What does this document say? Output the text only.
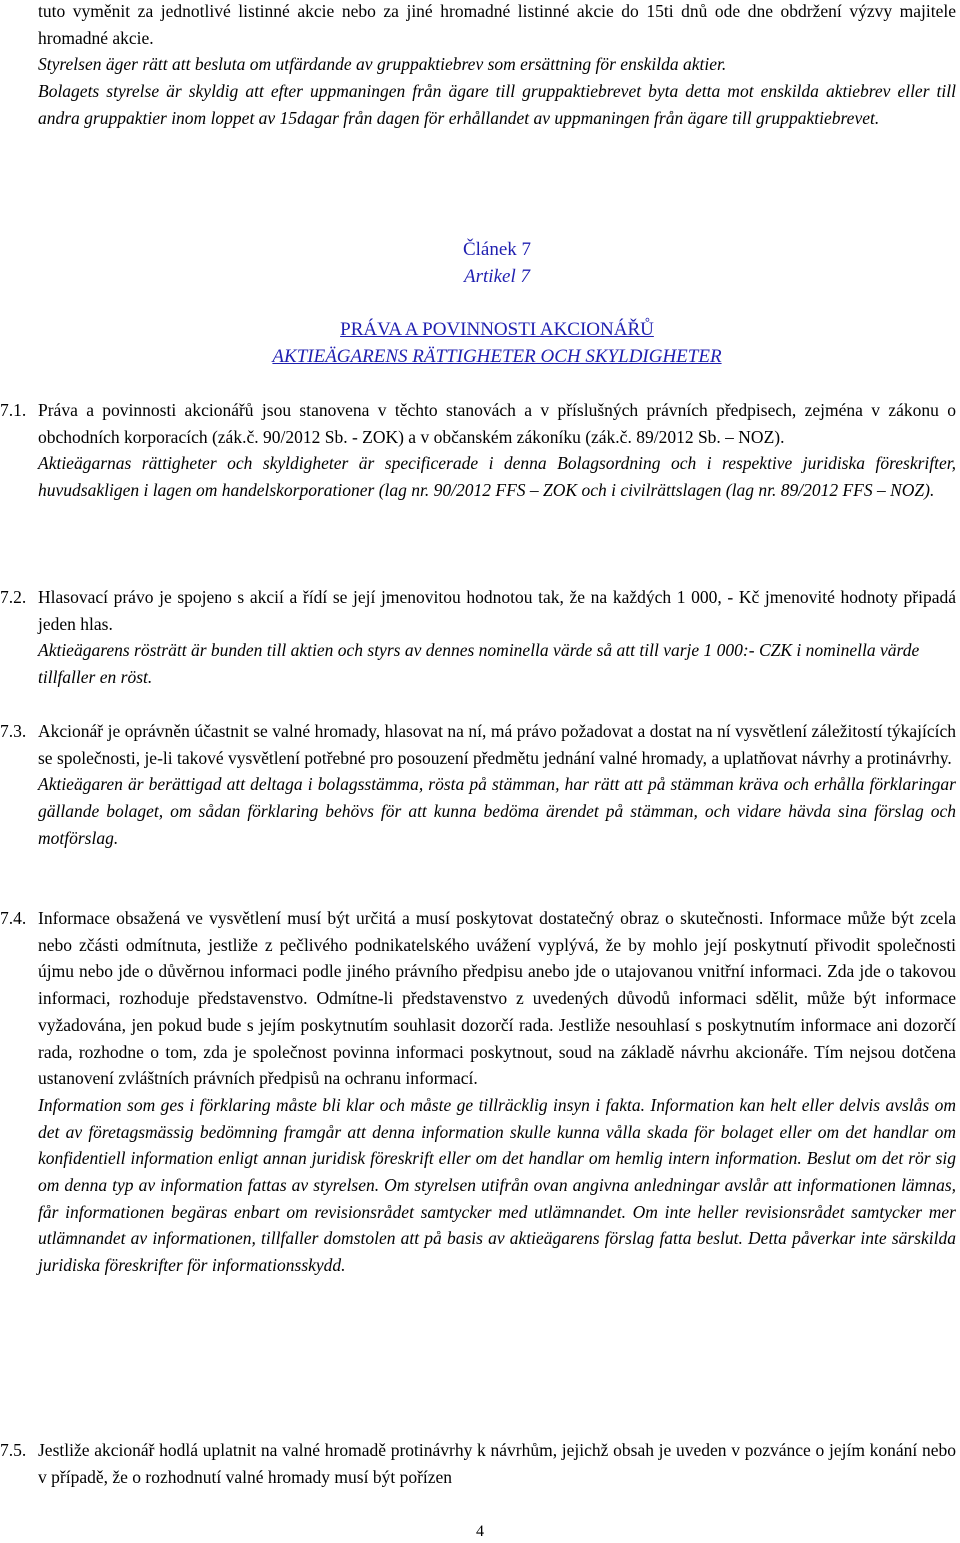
tuto vyměnit za jednotlivé listinné akcie nebo za jiné hromadné listinné akcie do 15ti dnů ode dne obdržení výzvy majitele hromadné akcie.

Styrelsen äger rätt att besluta om utfärdande av gruppaktiebrev som ersättning för enskilda aktier.

Bolagets styrelse är skyldig att efter uppmaningen från ägare till gruppaktiebrevet byta detta mot enskilda aktiebrev eller till andra gruppaktier inom loppet av 15dagar från dagen för erhållandet av uppmaningen från ägare till gruppaktiebrevet.

Článek 7
Artikel 7
PRÁVA A POVINNOSTI AKCIONÁŘŮ
AKTIEÄGARENS RÄTTIGHETER OCH SKYLDIGHETER
7.1. Práva a povinnosti akcionářů jsou stanovena v těchto stanovách a v příslušných právních předpisech, zejména v zákonu o obchodních korporacích (zák.č. 90/2012 Sb. - ZOK) a v občanském zákoníku (zák.č. 89/2012 Sb. – NOZ).

Aktieägarnas rättigheter och skyldigheter är specificerade i denna Bolagsordning och i respektive juridiska föreskrifter, huvudsakligen i lagen om handelskorporationer (lag nr. 90/2012 FFS – ZOK och i civilrättslagen (lag nr. 89/2012 FFS – NOZ).

7.2. Hlasovací právo je spojeno s akcií a řídí se její jmenovitou hodnotou tak, že na každých 1 000, - Kč jmenovité hodnoty připadá jeden hlas.

Aktieägarens rösträtt är bunden till aktien och styrs av dennes nominella värde så att till varje 1 000:- CZK i nominella värde tillfaller en röst.

7.3. Akcionář je oprávněn účastnit se valné hromady, hlasovat na ní, má právo požadovat a dostat na ní vysvětlení záležitostí týkajících se společnosti, je-li takové vysvětlení potřebné pro posouzení předmětu jednání valné hromady, a uplatňovat návrhy a protinávrhy.

Aktieägaren är berättigad att deltaga i bolagsstämma, rösta på stämman, har rätt att på stämman kräva och erhålla förklaringar gällande bolaget, om sådan förklaring behövs för att kunna bedöma ärendet på stämman, och vidare hävda sina förslag och motförslag.

7.4. Informace obsažená ve vysvětlení musí být určitá a musí poskytovat dostatečný obraz o skutečnosti. Informace může být zcela nebo zčásti odmítnuta, jestliže z pečlivého podnikatelského uvážení vyplývá, že by mohlo její poskytnutí přivodit společnosti újmu nebo jde o důvěrnou informaci podle jiného právního předpisu anebo jde o utajovanou vnitřní informaci. Zda jde o takovou informaci, rozhoduje představenstvo. Odmítne-li představenstvo z uvedených důvodů informaci sdělit, může být informace vyžadována, jen pokud bude s jejím poskytnutím souhlasit dozorčí rada. Jestliže nesouhlasí s poskytnutím informace ani dozorčí rada, rozhodne o tom, zda je společnost povinna informaci poskytnout, soud na základě návrhu akcionáře. Tím nejsou dotčena ustanovení zvláštních právních předpisů na ochranu informací.

Information som ges i förklaring måste bli klar och måste ge tillräcklig insyn i fakta. Information kan helt eller delvis avslås om det av företagsmässig bedömning framgår att denna information skulle kunna vålla skada för bolaget eller om det handlar om konfidentiell information enligt annan juridisk föreskrift eller om det handlar om hemlig intern information. Beslut om det rör sig om denna typ av information fattas av styrelsen. Om styrelsen utifrån ovan angivna anledningar avslår att informationen lämnas, får informationen begäras enbart om revisionsrådet samtycker med utlämnandet. Om inte heller revisionsrådet samtycker mer utlämnandet av informationen, tillfaller domstolen att på basis av aktieägarens förslag fatta beslut. Detta påverkar inte särskilda juridiska föreskrifter för informationsskydd.

7.5. Jestliže akcionář hodlá uplatnit na valné hromadě protinávrhy k návrhům, jejichž obsah je uveden v pozvánce o jejím konání nebo v případě, že o rozhodnutí valné hromady musí být pořízen

4
